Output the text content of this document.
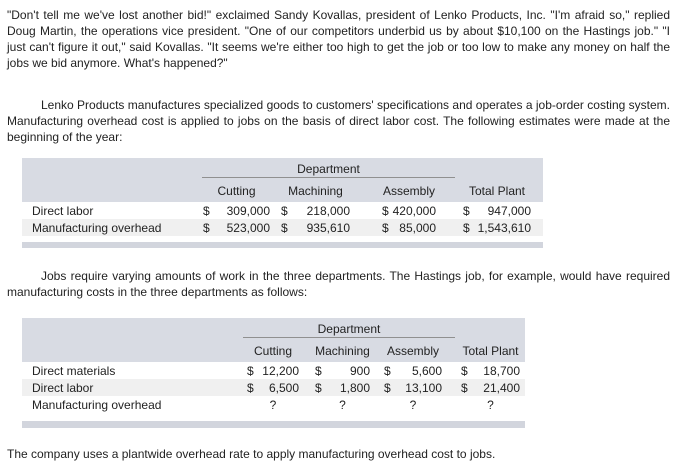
"Don't tell me we've lost another bid!" exclaimed Sandy Kovallas, president of Lenko Products, Inc. "I'm afraid so," replied Doug Martin, the operations vice president. "One of our competitors underbid us by about $10,100 on the Hastings job." "I just can't figure it out," said Kovallas. "It seems we're either too high to get the job or too low to make any money on half the jobs we bid anymore. What's happened?"

Lenko Products manufactures specialized goods to customers' specifications and operates a job-order costing system. Manufacturing overhead cost is applied to jobs on the basis of direct labor cost. The following estimates were made at the beginning of the year:

Department
Cutting	Machining	Assembly	Total Plant
Direct labor	$ 309,000 $ 218,000	$ 420,000 $ 947,000
Manufacturing overhead	$ 523,000 $ 935,610	$ 85,000 $ 1,543,610

Jobs require varying amounts of work in the three departments. The Hastings job, for example, would have required manufacturing costs in the three departments as follows:

Department
Cutting	Machining	Assembly	Total Plant
Direct materials	$ 12,200 $ 900 $ 5,600 $ 18,700
Direct labor	$ 6,500 $ 1,800 $ 13,100 $ 21,400
Manufacturing overhead	?	?	?	?

The company uses a plantwide overhead rate to apply manufacturing overhead cost to jobs.
